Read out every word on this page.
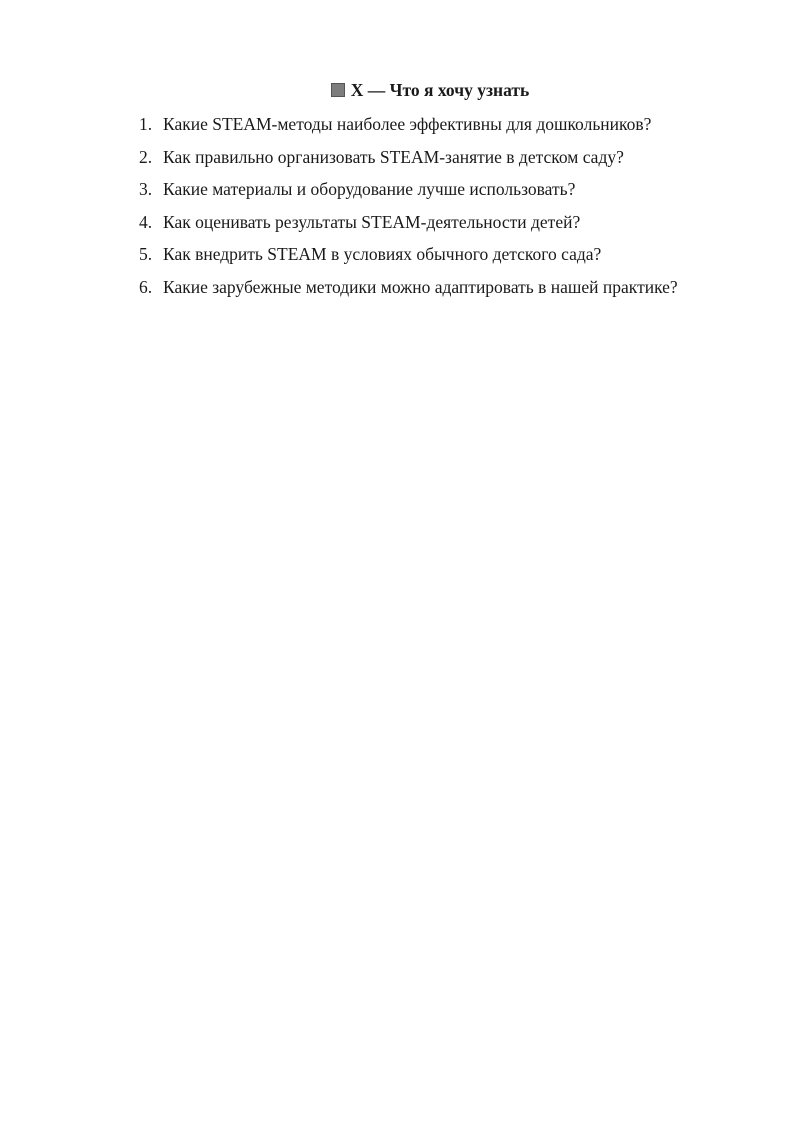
X — Что я хочу узнать
1. Какие STEAM-методы наиболее эффективны для дошкольников?
2. Как правильно организовать STEAM-занятие в детском саду?
3. Какие материалы и оборудование лучше использовать?
4. Как оценивать результаты STEAM-деятельности детей?
5. Как внедрить STEAM в условиях обычного детского сада?
6. Какие зарубежные методики можно адаптировать в нашей практике?
